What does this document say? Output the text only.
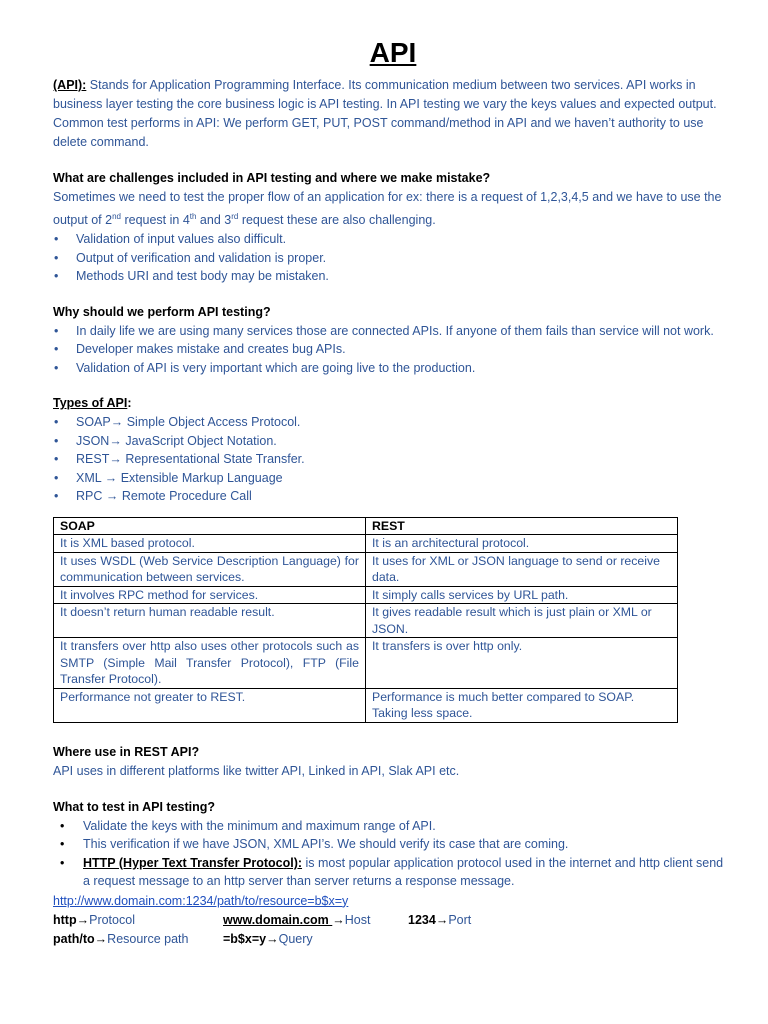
API

(API): Stands for Application Programming Interface. Its communication medium between two services. API works in business layer testing the core business logic is API testing. In API testing we vary the keys values and expected output. Common test performs in API: We perform GET, PUT, POST command/method in API and we haven’t authority to use delete command.

What are challenges included in API testing and where we make mistake?

Sometimes we need to test the proper flow of an application for ex: there is a request of 1,2,3,4,5 and we have to use the output of 2nd request in 4th and 3rd request these are also challenging.

• Validation of input values also difficult.
• Output of verification and validation is proper.
• Methods URI and test body may be mistaken.

Why should we perform API testing?

• In daily life we are using many services those are connected APIs. If anyone of them fails than service will not work.
• Developer makes mistake and creates bug APIs.
• Validation of API is very important which are going live to the production.

Types of API:

• SOAP→ Simple Object Access Protocol.
• JSON→ JavaScript Object Notation.
• REST→ Representational State Transfer.
• XML → Extensible Markup Language
• RPC → Remote Procedure Call
SOAP	REST
It is XML based protocol.	It is an architectural protocol.
It uses WSDL (Web Service Description Language) for communication between services.	It uses for XML or JSON language to send or receive data.
It involves RPC method for services.	It simply calls services by URL path.
It doesn’t return human readable result.	It gives readable result which is just plain or XML or JSON.
It transfers over http also uses other protocols such as SMTP (Simple Mail Transfer Protocol), FTP (File Transfer Protocol).	It transfers is over http only.
Performance not greater to REST.	Performance is much better compared to SOAP. Taking less space.

Where use in REST API?

API uses in different platforms like twitter API, Linked in API, Slak API etc.

What to test in API testing?

• Validate the keys with the minimum and maximum range of API.
• This verification if we have JSON, XML API’s. We should verify its case that are coming.
• HTTP (Hyper Text Transfer Protocol): is most popular application protocol used in the internet and http client send a request message to an http server than server returns a response message.
http://www.domain.com:1234/path/to/resource=b$x=y
http→Protocol	www.domain.com →Host	1234→Port
path/to→Resource path	=b$x=y→Query
